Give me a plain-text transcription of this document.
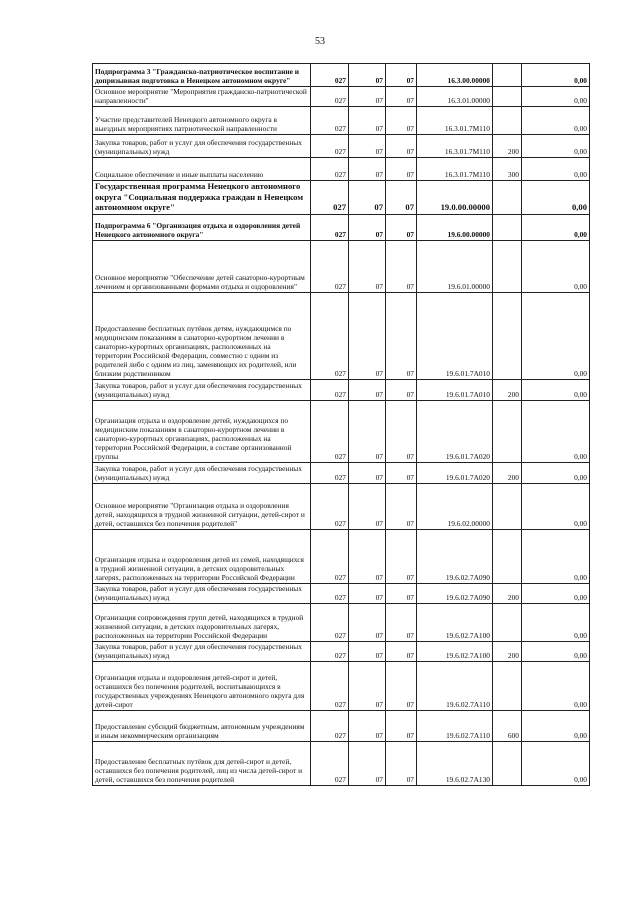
53
Подпрограмма 3 "Гражданско-патриотическое воспитание и допризывная подготовка в Ненецком автономном округе"	027	07	07	16.3.00.00000		0,00
Основное мероприятие "Мероприятия гражданско-патриотической направленности"	027	07	07	16.3.01.00000		0,00
Участие представителей Ненецкого автономного округа в выездных мероприятиях патриотической направленности	027	07	07	16.3.01.7М110		0,00
Закупка товаров, работ и услуг для обеспечения государственных (муниципальных) нужд	027	07	07	16.3.01.7М110	200	0,00
Социальное обеспечение и иные выплаты населению	027	07	07	16.3.01.7М110	300	0,00
Государственная программа Ненецкого автономного округа "Социальная поддержка граждан в Ненецком автономном округе"	027	07	07	19.0.00.00000		0,00
Подпрограмма 6 "Организация отдыха и оздоровления детей Ненецкого автономного округа"	027	07	07	19.6.00.00000		0,00
Основное мероприятие "Обеспечение детей санаторно-курортным лечением и организованными формами отдыха и оздоровления"	027	07	07	19.6.01.00000		0,00
Предоставление бесплатных путёвок детям, нуждающимся по медицинским показаниям в санаторно-курортном лечении в санаторно-курортных организациях, расположенных на территории Российской Федерации, совместно с одним из родителей либо с одним из лиц, заменяющих их родителей, или близким родственником	027	07	07	19.6.01.7А010		0,00
Закупка товаров, работ и услуг для обеспечения государственных (муниципальных) нужд	027	07	07	19.6.01.7А010	200	0,00
Организация отдыха и оздоровление детей, нуждающихся по медицинским показаниям в санаторно-курортном лечении в санаторно-курортных организациях, расположенных на территории Российской Федерации, в составе организованной группы	027	07	07	19.6.01.7А020		0,00
Закупка товаров, работ и услуг для обеспечения государственных (муниципальных) нужд	027	07	07	19.6.01.7А020	200	0,00
Основное мероприятие "Организация отдыха и оздоровления детей, находящихся в трудной жизненной ситуации, детей-сирот и детей, оставшихся без попечения родителей"	027	07	07	19.6.02.00000		0,00
Организация отдыха и оздоровления детей из семей, находящихся в трудной жизненной ситуации, в детских оздоровительных лагерях, расположенных на территории Российской Федерации	027	07	07	19.6.02.7А090		0,00
Закупка товаров, работ и услуг для обеспечения государственных (муниципальных) нужд	027	07	07	19.6.02.7А090	200	0,00
Организация сопровождения групп детей, находящихся в трудной жизненной ситуации, в детских оздоровительных лагерях, расположенных на территории Российской Федерации	027	07	07	19.6.02.7А100		0,00
Закупка товаров, работ и услуг для обеспечения государственных (муниципальных) нужд	027	07	07	19.6.02.7А100	200	0,00
Организация отдыха и оздоровления детей-сирот и детей, оставшихся без попечения родителей, воспитывающихся в государственных учреждениях Ненецкого автономного округа для детей-сирот	027	07	07	19.6.02.7А110		0,00
Предоставление субсидий бюджетным, автономным учреждениям и иным некоммерческим организациям	027	07	07	19.6.02.7А110	600	0,00
Предоставление бесплатных путёвок для детей-сирот и детей, оставшихся без попечения родителей, лиц из числа детей-сирот и детей, оставшихся без попечения родителей	027	07	07	19.6.02.7А130		0,00
